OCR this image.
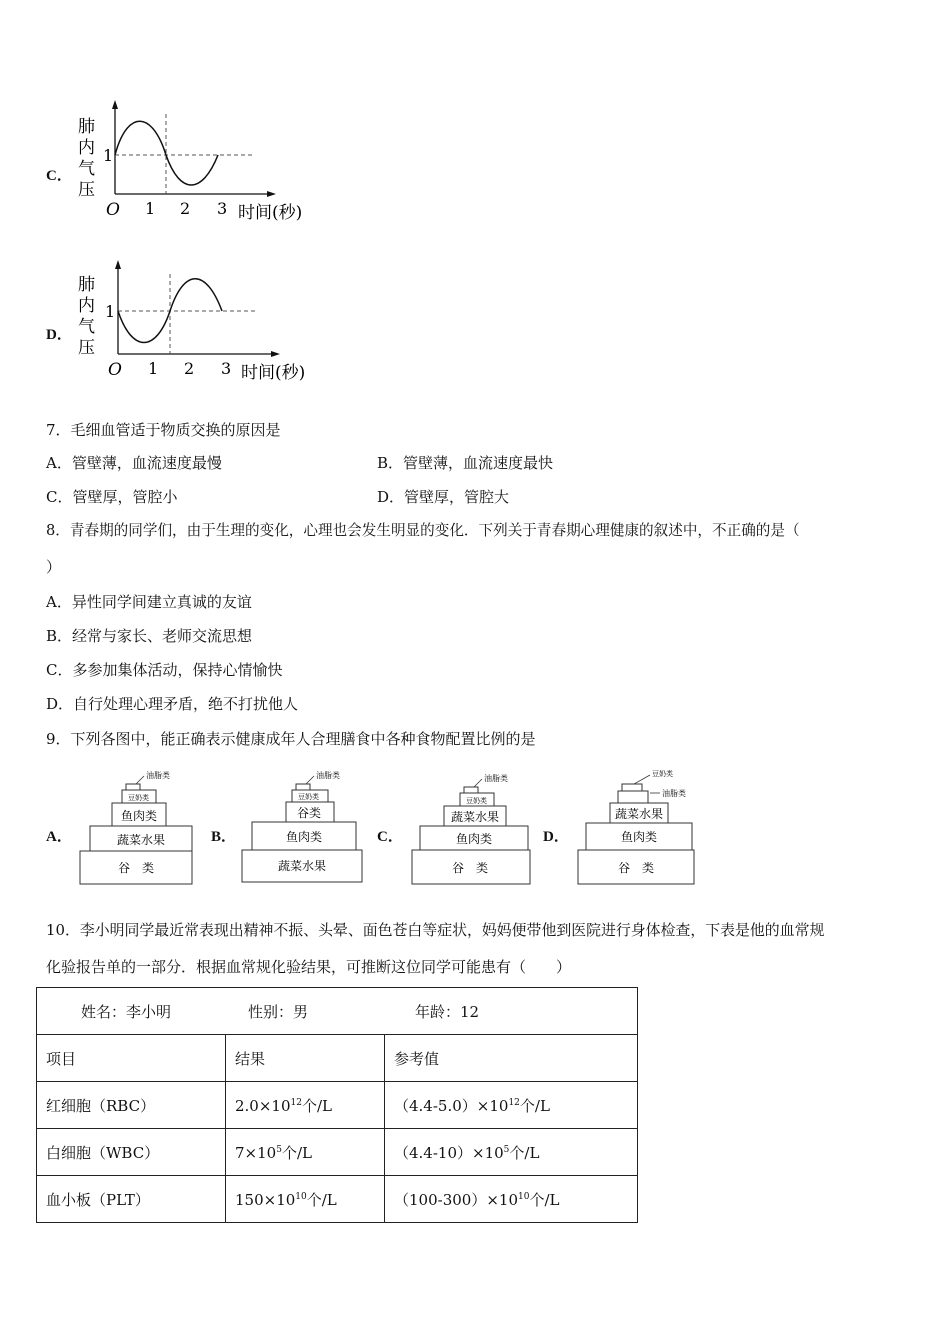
C．
肺
内
气
压
1
O 1 2 3 时间(秒)
D．
肺
内
气
压
1
O 1 2 3 时间(秒)
7．毛细血管适于物质交换的原因是
A．管壁薄，血流速度最慢	B．管壁薄，血流速度最快
C．管壁厚，管腔小	D．管壁厚，管腔大
8．青春期的同学们，由于生理的变化，心理也会发生明显的变化．下列关于青春期心理健康的叙述中，不正确的是（
）
A．异性同学间建立真诚的友谊
B．经常与家长、老师交流思想
C．多参加集体活动，保持心情愉快
D．自行处理心理矛盾，绝不打扰他人
9．下列各图中，能正确表示健康成年人合理膳食中各种食物配置比例的是
A．
油脂类
豆奶类
鱼肉类
蔬菜水果
谷　类
B．
油脂类
豆奶类
谷类
鱼肉类
蔬菜水果
C．
油脂类
豆奶类
蔬菜水果
鱼肉类
谷　类
D．
豆奶类
油脂类
蔬菜水果
鱼肉类
谷　类
10．李小明同学最近常表现出精神不振、头晕、面色苍白等症状，妈妈便带他到医院进行身体检查，下表是他的血常规
化验报告单的一部分．根据血常规化验结果，可推断这位同学可能患有（　　）
姓名：李小明 性别：男 年龄：12		
项目	结果	参考值
红细胞（RBC）	$2.0\times 10^{12}$个/L	$(4.4-5.0)\times 10^{12}$个/L
白细胞（WBC）	$7\times 10^5$个/L	$(4.4-10)\times 10^5$个/L
血小板（PLT）	$150\times 10^{10}$个/L	$(100-300)\times 10^{10}$个/L
